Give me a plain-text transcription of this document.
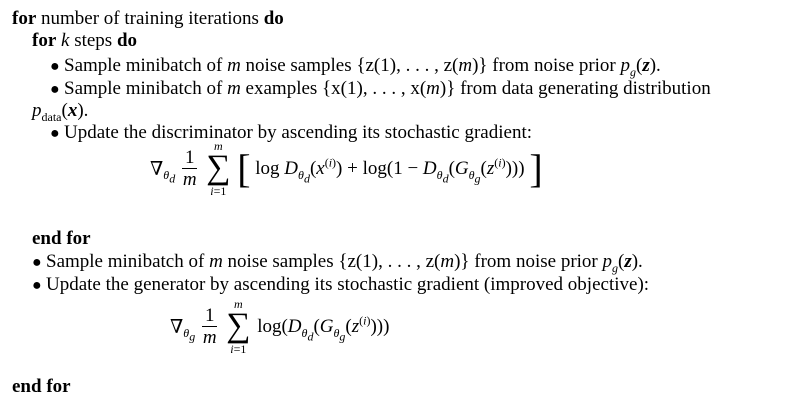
for number of training iterations do
for k steps do
● Sample minibatch of m noise samples {z(1), . . . , z(m)} from noise prior $p_g(z)$.
● Sample minibatch of m examples {x(1), . . . , x(m)} from data generating distribution
$p_{data}(x)$.
● Update the discriminator by ascending its stochastic gradient:
$\nabla_{\theta_d} \frac{1}{m}$

m
∑
i=1 [ $\log D_{\theta_d}(x^{(i)}) + \log(1 - D_{\theta_d}(G_{\theta_g}(z^{(i)})))$ ]
end for
● Sample minibatch of m noise samples {z(1), . . . , z(m)} from noise prior $p_g(z)$.
● Update the generator by ascending its stochastic gradient (improved objective):
$\nabla_{\theta_g} \frac{1}{m}$

m
∑
i=1
$\log(D_{\theta_d}(G_{\theta_g}(z^{(i)})))$
end for
